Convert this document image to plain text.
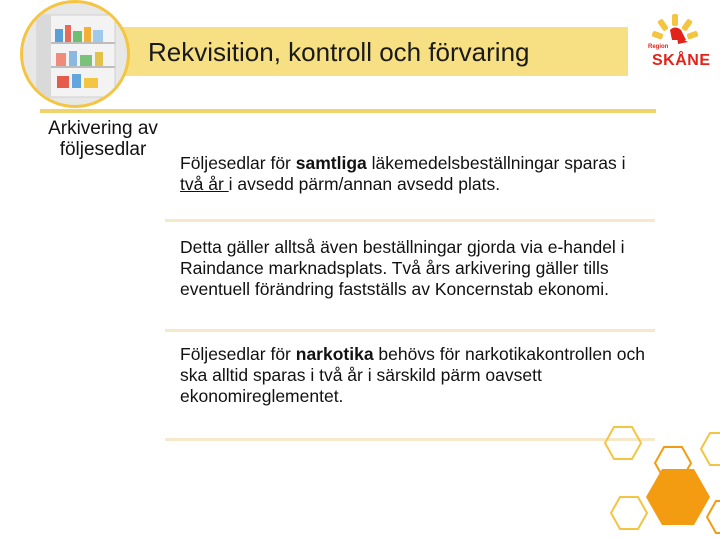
Rekvisition, kontroll och förvaring	Region
SKÅNE
Arkivering av följesedlar
Följesedlar för samtliga läkemedelsbeställningar sparas i två år i avsedd pärm/annan avsedd plats.
Detta gäller alltså även beställningar gjorda via e-handel i Raindance marknadsplats. Två års arkivering gäller tills eventuell förändring fastställs av Koncernstab ekonomi.
Följesedlar för narkotika behövs för narkotikakontrollen och ska alltid sparas i två år i särskild pärm oavsett ekonomireglementet.
